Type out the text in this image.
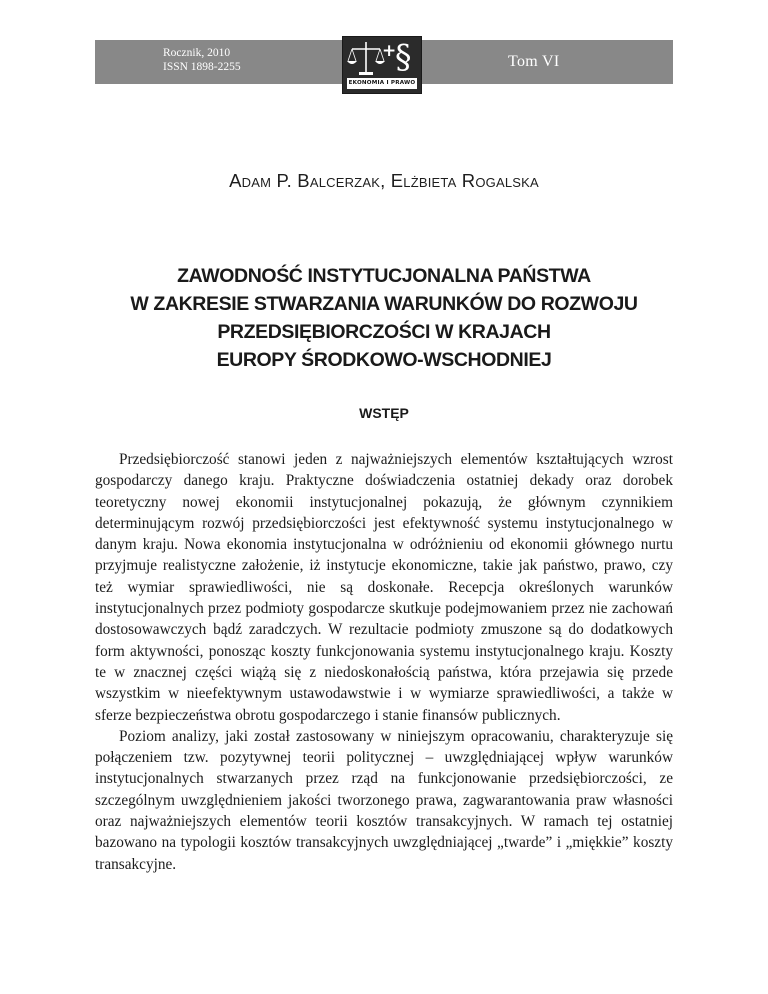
Rocznik, 2010
ISSN 1898-2255
+
§
EKONOMIA I PRAWO
Tom VI
Adam P. Balcerzak, Elżbieta Rogalska
ZAWODNOŚĆ INSTYTUCJONALNA PAŃSTWA
W ZAKRESIE STWARZANIA WARUNKÓW DO ROZWOJU
PRZEDSIĘBIORCZOŚCI W KRAJACH
EUROPY ŚRODKOWO-WSCHODNIEJ
WSTĘP

Przedsiębiorczość stanowi jeden z najważniejszych elementów kształtujących wzrost gospodarczy danego kraju. Praktyczne doświadczenia ostatniej dekady oraz dorobek teoretyczny nowej ekonomii instytucjonalnej pokazują, że głównym czynnikiem determinującym rozwój przedsiębiorczości jest efektywność systemu instytucjonalnego w danym kraju. Nowa ekonomia instytucjonalna w odróżnieniu od ekonomii głównego nurtu przyjmuje realistyczne założenie, iż instytucje ekonomiczne, takie jak państwo, prawo, czy też wymiar sprawiedliwości, nie są doskonałe. Recepcja określonych warunków instytucjonalnych przez podmioty gospodarcze skutkuje podejmowaniem przez nie zachowań dostosowawczych bądź zaradczych. W rezultacie podmioty zmuszone są do dodatkowych form aktywności, ponosząc koszty funkcjonowania systemu instytucjonalnego kraju. Koszty te w znacznej części wiążą się z niedoskonałością państwa, która przejawia się przede wszystkim w nieefektywnym ustawodawstwie i w wymiarze sprawiedliwości, a także w sferze bezpieczeństwa obrotu gospodarczego i stanie finansów publicznych.

Poziom analizy, jaki został zastosowany w niniejszym opracowaniu, charakteryzuje się połączeniem tzw. pozytywnej teorii politycznej – uwzględniającej wpływ warunków instytucjonalnych stwarzanych przez rząd na funkcjonowanie przedsiębiorczości, ze szczególnym uwzględnieniem jakości tworzonego prawa, zagwarantowania praw własności oraz najważniejszych elementów teorii kosztów transakcyjnych. W ramach tej ostatniej bazowano na typologii kosztów transakcyjnych uwzględniającej „twarde” i „miękkie” koszty transakcyjne.
